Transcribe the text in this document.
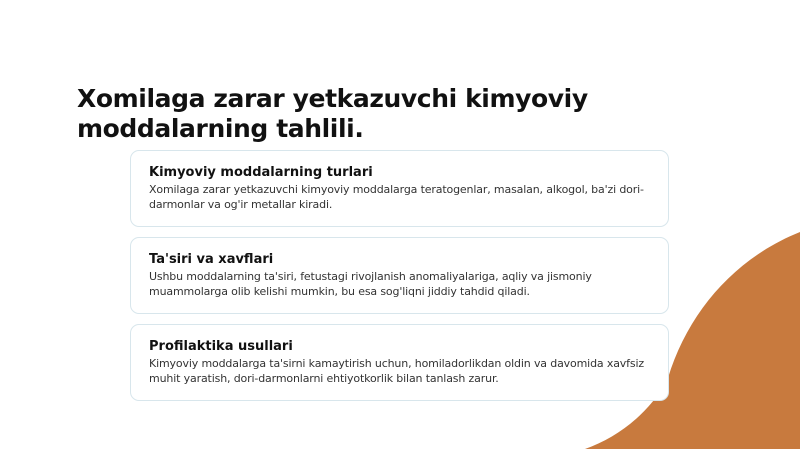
Xomilaga zarar yetkazuvchi kimyoviy moddalarning tahlili.
Kimyoviy moddalarning turlari
Xomilaga zarar yetkazuvchi kimyoviy moddalarga teratogenlar, masalan, alkogol, ba'zi dori-darmonlar va og'ir metallar kiradi.
Ta'siri va xavflari
Ushbu moddalarning ta'siri, fetustagi rivojlanish anomaliyalariga, aqliy va jismoniy muammolarga olib kelishi mumkin, bu esa sog'liqni jiddiy tahdid qiladi.
Profilaktika usullari
Kimyoviy moddalarga ta'sirni kamaytirish uchun, homiladorlikdan oldin va davomida xavfsiz muhit yaratish, dori-darmonlarni ehtiyotkorlik bilan tanlash zarur.
